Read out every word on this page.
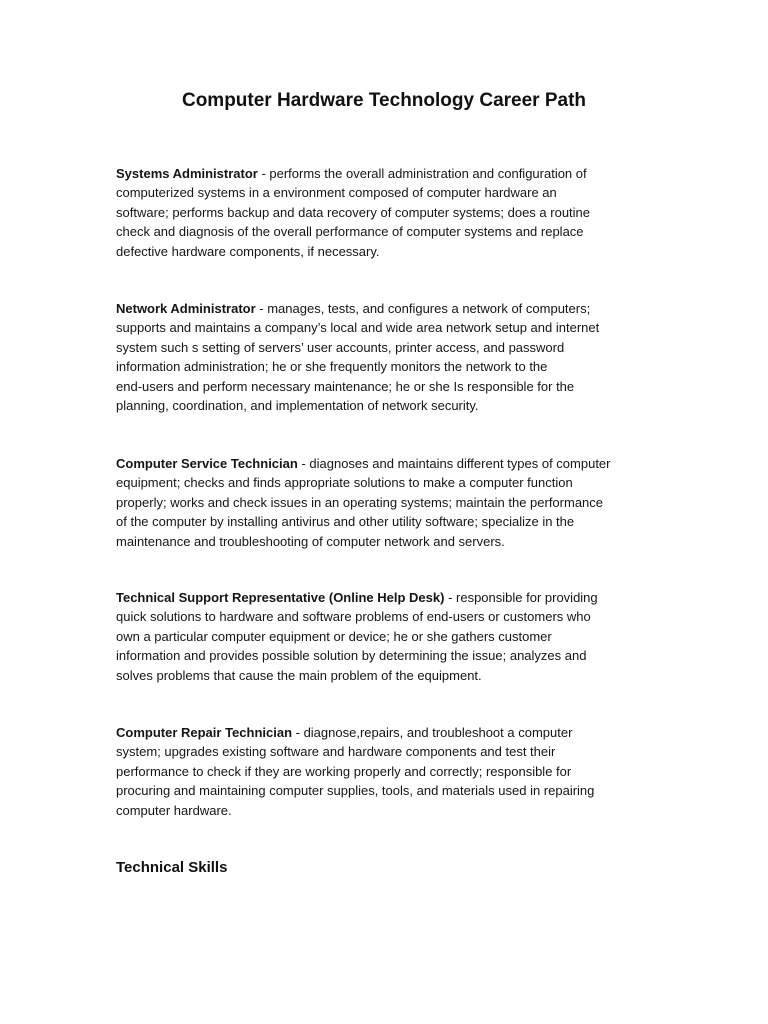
Computer Hardware Technology Career Path

Systems Administrator - performs the overall administration and configuration of
computerized systems in a environment composed of computer hardware an
software; performs backup and data recovery of computer systems; does a routine
check and diagnosis of the overall performance of computer systems and replace
defective hardware components, if necessary.

Network Administrator - manages, tests, and configures a network of computers;
supports and maintains a company’s local and wide area network setup and internet
system such s setting of servers’ user accounts, printer access, and password
information administration; he or she frequently monitors the network to the
end-users and perform necessary maintenance; he or she Is responsible for the
planning, coordination, and implementation of network security.

Computer Service Technician - diagnoses and maintains different types of computer
equipment; checks and finds appropriate solutions to make a computer function
properly; works and check issues in an operating systems; maintain the performance
of the computer by installing antivirus and other utility software; specialize in the
maintenance and troubleshooting of computer network and servers.

Technical Support Representative (Online Help Desk) - responsible for providing
quick solutions to hardware and software problems of end-users or customers who
own a particular computer equipment or device; he or she gathers customer
information and provides possible solution by determining the issue; analyzes and
solves problems that cause the main problem of the equipment.

Computer Repair Technician - diagnose,repairs, and troubleshoot a computer
system; upgrades existing software and hardware components and test their
performance to check if they are working properly and correctly; responsible for
procuring and maintaining computer supplies, tools, and materials used in repairing
computer hardware.

Technical Skills
